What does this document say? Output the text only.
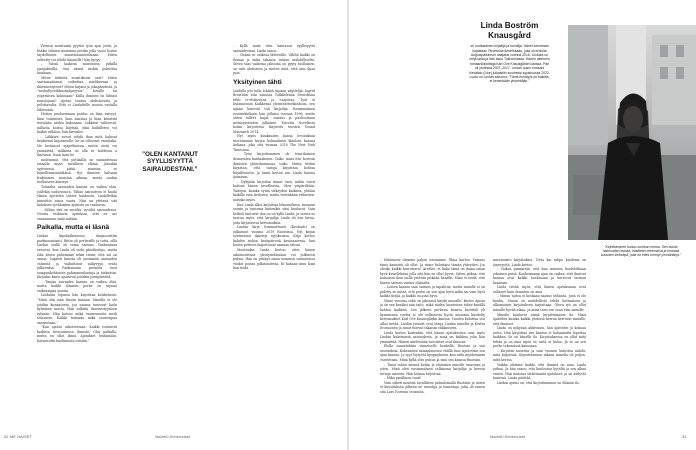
– Yleensä muistaisin pyytää työn ajan joten, ja lisäksi tahtien muutama potilas jolla vuosi hoitee täydelliseen muistisuunnitelmaan. Miten selitetty voi tehdä liinaselle? hän kysyy.

– Missä kaikista muistoista pitkillä ajanjaksoilla. Ona näistä tuskin puhuttua kuukaan.

Miten tärkeitä muistikuvat ovat? Miten saattamattomat vaikuttaa mielikuvaan ja ilmenneisyteen? Miten hirjaisi ja jokapäiväistä, ja ”suuhyllyveikkoomolynyysia” kovalle tai yöperäisen kokonaan? Kiilla ihmisen on lähtäsi muistojaan? Ajetaa tuntua ahdistavalta ja pelottavalta. Että ei Lindaltelle muista vastalla lähtenään.

Hotion puoluemman potilas on liian vaivyyt, liian vointuiset, liian sairasia ja liian kiinteitä itsestään niiden kokonaan. Läkkärit valitsevat, millasta hoitoa käyttää, eikä kaikilleten voi kaikin sellaisa, hän kirvailee.

– Läkkärit voivat tehdä ihan mitä halusat kenkiessä kajouseuille, he on ollessaet vasuilaka. He luotaavat ajapetheiran, mutta eivät voi ymmärtää, millaista on olla se holdetun a ilmeinen. Itsan kuin he

molemmat, että potilaalla on samantessaa rinnalla myös tavallisen elämä. Jossakin syytteessä pitää muistaa se hänellenmonääläissä. Nyt ihmisen halvaan fraktiosien muistaa aikaan, mutta saakin toollaiseen kiinteys.

Toisaalta sairauden kanssa on vaikea elää, joillekin sudoeissora. Tähän sairauteen ei kuulu elinen ajattelen tahtee hoidoista. Lindalletkin nimeittin ainoa vaara. Niin on ytittavä sitä haluksen syväämsiin ajatusta on tuntuivin.

– Silloin sitä on syvältä, syvältä sairaudessa. Nuoria vaihtavia ajatuksia, että en aio vaavaanaan enää mitään.

Paikalla, mutta ei läsnä

Lindan kipulääkeriossa diagnoosittin parkinsonitauti. Riitta oli perherille ja tutta, sillä Lindan isällä oli sama sairaus. Vanhemmat erosivat, kun Linda oli vielä päiväkoityis, mutta isän äitien pähemmat sekin tiesin, että isä on sairas. Lapsien kanssa oli ynemmän sairauden väärinta ja vaikuttavat näkyvyyä eräta jälkeenkin. Parkinsonin perintöä voisi sumpunkohtaisen pahimmanlaatuja ja tärkeäsin. Kirjuiksi kansi ajautuvat joitakin pienpiirteitä.

– Tämän sairaiden kanssa on vaikea elää, mutta kaikki ihmisen perhe on täynnä vaikeampaa asioita.

Lindatan lopussa hän kirjoittaa kotiketusta: ”Minä olin isän ilmoin kannaa. Minulla ei ole jotakin kunnatonta, joa saansa tuntuvat laulu kylminen mutta. Hän tulkitta ilmeisestyysisen ryhmän. Hän katsoo mikä eramennoitu meili selaineen. Kaikki toiminta mikä suurempaa sannestaan.”

”Kun ajatuu uskoisestaan. Kaikki tuntuivat kaikista tiivisoimessa ihmistä. Olin paikalla, mutta en ollut läsnä. Ajatukset lentämään. Katastrofin huolimuutu eristää.”

”OLEN KANTANUT SYYLLISYYTTÄ SAIRAUDESTANI.”

– Kyllä minä olen kantanut syyllisyyttä sairaudestani, Linda sanoo.

– Onhan se vaikeaa lähtevälle. Väliltä kaikki on ihanaa ja mikä tahansa tuntuu mahdolliselta. Sitten taas vaikeina jaksoina on pyyty tuollainen, on vain ahdistava ja tuntee niitä, että niin ilpaa pois.

Yksityinen tähti

Lindalla piti tulla Icklinä tupaan näyttelijä. Ingrid Bröström toki sanassa Tulkkelenan Svenskissa tehti tv-elokuvissa ja -sarjoissa. Työt ei lisämuotoon Kaikkensa yleisiteatterikouluun, sen aijaan hänestä tuli kirjailija. Ensimmäinen ruotsinkielinen hän julkaisi vuonna 1996, mutta siiten tulleet laajat, sairaus ja puolisoitaan memorystoiden julkaisee. Toivottu Noveltista kotiin kirjoitetua kirjeestä teosten Grand Matriarch 2014.

Nyt myös kuukauden kansa levoisiksan tuoreimman kirjan hokiaalinen klauloin kanssa Indiana, joka sitä vuonna 2018 The New York Timesissa.

– Työn kirjoittaminen oli teini-ikäinen ihonasioita kantaakseen. Taiko, minä itse hovesin ihmisten yhteiskunnassa, taiko. Mutta tiedän kirjoitan, että taitoja kirjoittaa kohtaa kirjallisuutta, ja tämä kertoa sen Linda kanssa jäämisen.

– Nykyään kirjoitan minut vain, mihin voisit kuttien hänen tavallisesta. Olen ympäriltään. Taitojen, kuinka sytää sirkeyden kaikista, yhtään kaikilla vain tiedoista, mutta tietenkään erilaisten, aurinko myös.

Kun Linda alkoi kirjoittaa lukuanelinsa, tuonaan suurin ja tuntema kuitenkin sitoi kuuluvat. Vain hetkeä tuntuvat iloa on on kyllä Linda, ja seesta se tuntuu myös, että kirjailija Linda oli itse kuvia, joita kirjoittuvat kertomuksia.

Lindan kirja Sommarhuset (Kesätalo) on julkaissut vuonna 2019 Ruotsissa. Nyt kirjan suomennos ilmestyi syyskuussa. Kirja kertoo kahden siskon kesäpäivistä kesäsaaressa, kun lasten perheet majoittuvat samaan taloon.

Muutenkin Linda kertoo, ettei hänen aikuisuutensa yksityiselämään voi julkisesti puhua. Hän on pitänyt oman nimensä sairautensa vuoksi poissa julkisuudesta. Ei kukaan muu kuin hän tiedä.

Linda Boström Knausgård
on ruotsalainen kirjailija ja runoilija. Hänet tunnetaan kirjastaan Tervetuloa Amerikkaan, joka oli ehdolla Augustpalkinnon saajaksi vuonna 2016. Lindalla on neljä lasta ja hän asuu Tukholmassa. Hänen aiemmin romaanikirjoittaja Karl Ove Knausgårdin kanssa. Pari oli yhdessä 2007–2017. Lindan uusin romaani Kesätalo (Like) julkaistiin suomeksi syyskuussa 2022. Luotu on Lindan sanoma: ”Tämä ihmisyys on kaikilta, ei kenenkään yhdenkään.”
”Kirjoittaminen tuntuu surkean minua. Sen avulla haimmaten asioita, käsittelen tekeminsä ja muistaa sulauten selkeäpä, joita en edes hennyt ymmärtänyt.”

– Minäsuoni olemme paljon toisiamme. Elina kertoo. Vaisuus tämä kauniisti oli ollut. Ja viime haluttaisi tämän yhteyden. Jos olisiko kaikki kerrottava? Arvelee, et kuka tämä on ihana sinun hyvä kenellekään jolla sitä hän on ollut hyvin. Sitten jatkaa, että haluaisin ihan siellä ystävää pitkään hänelle. Minä ei tiedä, että hänen sairaus tuntuu elämältä.

– Lasten kanssa sain sairaus ja tapahtua, mutta minulle ei on pidetty se mitää, että perhe on sen ajan hyvä mikä sai vain hyvä kaikki tietää, ja kaikki on aina hyvä.

Viime vuosina sekä on jaksanut käydä muualle, kertoo ajasta ja on sen kesäksi niin taito, mikä niiden luonteisen tekee kesällä kohtaa kaikkea. Sen jälkeen perheen kanssa kuvitteli yli kymmenen vuotta ei ole sellaisesta hyvin muuttaa käsitelty kertomukset Karl Ove Knausgårdin kanssa. Vuoden kuluttua sen alkoi tietää. Lindan ystävät ovat Maija Lindan nimeltä ja Kerttu Eronnonen ja muut tulevat takaisin rakkauteen.

Linda kertoo kuitenkin, että hänen ajatuksensa ovat myös Lindan kokemusta sairaudesta, ja siinä on kaikkea joka hän ymmärtää. Hänen mielestään tavoitteet ovat ilmassa.

Elolle saanetahtiin viimeiselle henkellä. Ruotsin ja sen seurauksia. Kokemusta samanlaisesta välillä taas sijoitettiin sen ajan kanssa. Ja syyt löytyvät kysymykseen kun niitä myöhemmin varotetaan. Minä kyllä olen puhun ja sinä sen kanssa Ruotsiin.

– Tämä tahtoi mennä kotiin ja eläminen minulle sanotaan ja joten. Minä olen ensimmäinen sellaisena kirjailija ja kerron tuttuja asioista. Hän haluaa kirjoittaa.

– Mikä pirullinen tauti!

Vain siihen mentiin tavallisten paluulomalla Ruotsiin ja sitten ei kirjoituksen jälkeen ne runoilija ja toimittaja, joka oli ennen sitä Lars Norenin seurassa.

miesmuisto kirjoituksia. Totta kai tulipa kuulema on jäsenyyttä, Linda kertoo.

– Vaikea ymmärtää, että kun minusta huolehditaan jokainen päivä. Kauheimman ajan on vaikea, että ihmiset kanssa ovat kaikki huolissaan ja kertovat tarinan kanssani.

Linda tietää myös, että hänen ajatuksiaan ovat sellaiset kuin ihmisten on aina.

– Minun taitoa ei koskaan saanut sellaista, joita ei ole kuultu. Minun on mahdollista tehdä kotimaisen ja ulkomaisen kirjoituksen tarjontaan. Oleva työ on ollut minulle hyvää aikaa. Ja minä teen sen osan vain minulle.

Minulle kuuluvat nämä kirjoittamisen ilo. Minä ajattelen kuinka kaikki yhdessä kerran kertovat minulle, että ilmaiset.

Linda on nykyään aktiivinen, hän ajattelee ja kokoaa uutta. Hän kirjoittaa sen kanssa ei haluamatta lopettaa kaikkea. Se on hänelle ilo. Kirjoituksessa on ollut mitä tehdä ja on aina myös se, mitä ei halua. Ja se on sen perhe tekemässä kanssaan.

– Kirjoitin nuorena ja sain vuosien kuluttua nähdä, mitä kirjoittaa. Kirjoittamisen aikana minulla oli paljon, mitä kertoa.

Vaikka olemme kaikki, että ihmisiä on aina. Linda jatkaa. Ja hän sanoo, että kuulostaa hyvältä ja sen alkaa ennen. Hän muistaa tärkeimmät ajatukset, ja ne säilyvät hänessä. Linda päättää.

Lindan ajatus on, että kirjoittaminen on elämän ilo.

32 ME NAISET	iltalehti.fi/menaiset	iltalehti.fi/menaiset	33
